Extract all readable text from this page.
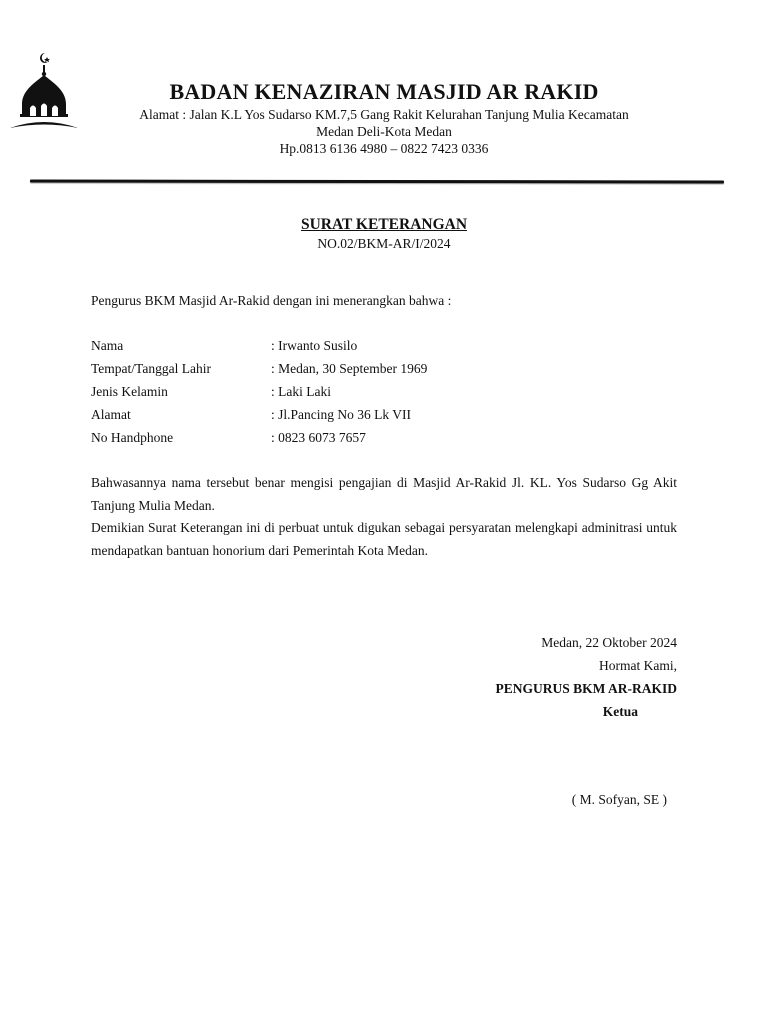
BADAN KENAZIRAN MASJID AR RAKID
Alamat : Jalan K.L Yos Sudarso KM.7,5 Gang Rakit Kelurahan Tanjung Mulia Kecamatan
Medan Deli-Kota Medan
Hp.0813 6136 4980 – 0822 7423 0336
SURAT KETERANGAN
NO.02/BKM-AR/I/2024
Pengurus BKM Masjid Ar-Rakid dengan ini menerangkan bahwa :
Nama	: Irwanto Susilo
Tempat/Tanggal Lahir	: Medan, 30 September 1969
Jenis Kelamin	: Laki Laki
Alamat	: Jl.Pancing No 36 Lk VII
No Handphone	: 0823 6073 7657

Bahwasannya nama tersebut benar mengisi pengajian di Masjid Ar-Rakid Jl. KL. Yos Sudarso Gg Akit Tanjung Mulia Medan.

Demikian Surat Keterangan ini di perbuat untuk digukan sebagai persyaratan melengkapi adminitrasi untuk mendapatkan bantuan honorium dari Pemerintah Kota Medan.

Medan, 22 Oktober 2024
Hormat Kami,
PENGURUS BKM AR-RAKID
Ketua
( M. Sofyan, SE )
